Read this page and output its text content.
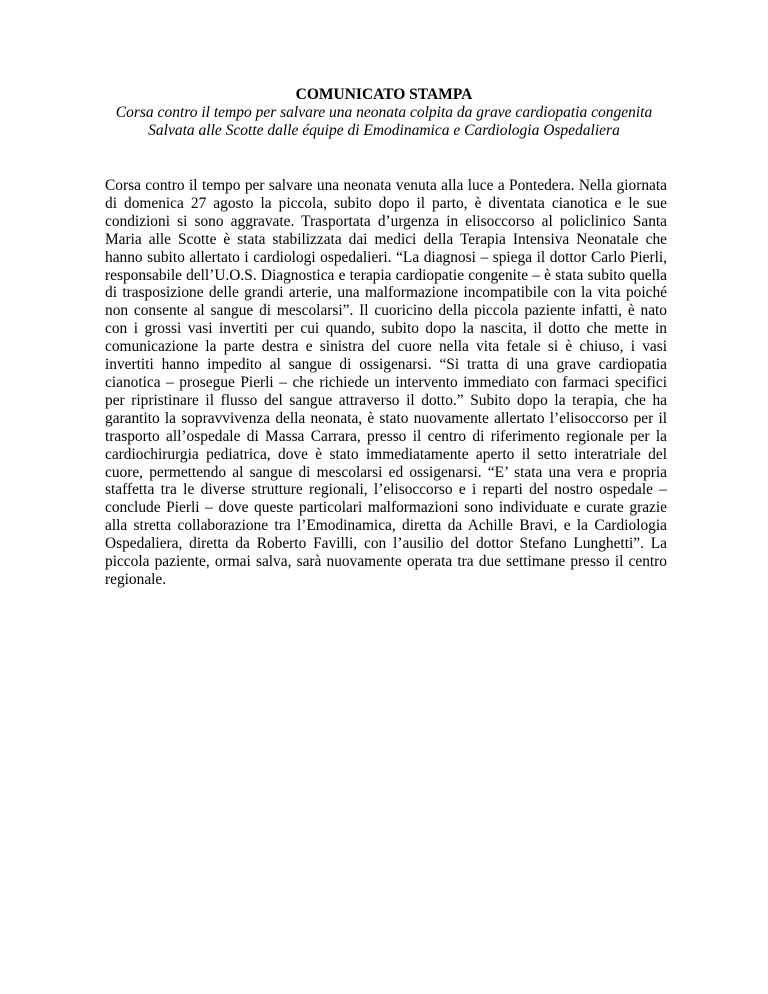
COMUNICATO STAMPA

Corsa contro il tempo per salvare una neonata colpita da grave cardiopatia congenita

Salvata alle Scotte dalle équipe di Emodinamica e Cardiologia Ospedaliera

Corsa contro il tempo per salvare una neonata venuta alla luce a Pontedera. Nella giornata di domenica 27 agosto la piccola, subito dopo il parto, è diventata cianotica e le sue condizioni si sono aggravate. Trasportata d’urgenza in elisoccorso al policlinico Santa Maria alle Scotte è stata stabilizzata dai medici della Terapia Intensiva Neonatale che hanno subito allertato i cardiologi ospedalieri. “La diagnosi – spiega il dottor Carlo Pierli, responsabile dell’U.O.S. Diagnostica e terapia cardiopatie congenite – è stata subito quella di trasposizione delle grandi arterie, una malformazione incompatibile con la vita poiché non consente al sangue di mescolarsi”. Il cuoricino della piccola paziente infatti, è nato con i grossi vasi invertiti per cui quando, subito dopo la nascita, il dotto che mette in comunicazione la parte destra e sinistra del cuore nella vita fetale si è chiuso, i vasi invertiti hanno impedito al sangue di ossigenarsi. “Si tratta di una grave cardiopatia cianotica – prosegue Pierli – che richiede un intervento immediato con farmaci specifici per ripristinare il flusso del sangue attraverso il dotto.” Subito dopo la terapia, che ha garantito la sopravvivenza della neonata, è stato nuovamente allertato l’elisoccorso per il trasporto all’ospedale di Massa Carrara, presso il centro di riferimento regionale per la cardiochirurgia pediatrica, dove è stato immediatamente aperto il setto interatriale del cuore, permettendo al sangue di mescolarsi ed ossigenarsi. “E’ stata una vera e propria staffetta tra le diverse strutture regionali, l’elisoccorso e i reparti del nostro ospedale – conclude Pierli – dove queste particolari malformazioni sono individuate e curate grazie alla stretta collaborazione tra l’Emodinamica, diretta da Achille Bravi, e la Cardiologia Ospedaliera, diretta da Roberto Favilli, con l’ausilio del dottor Stefano Lunghetti”. La piccola paziente, ormai salva, sarà nuovamente operata tra due settimane presso il centro regionale.
